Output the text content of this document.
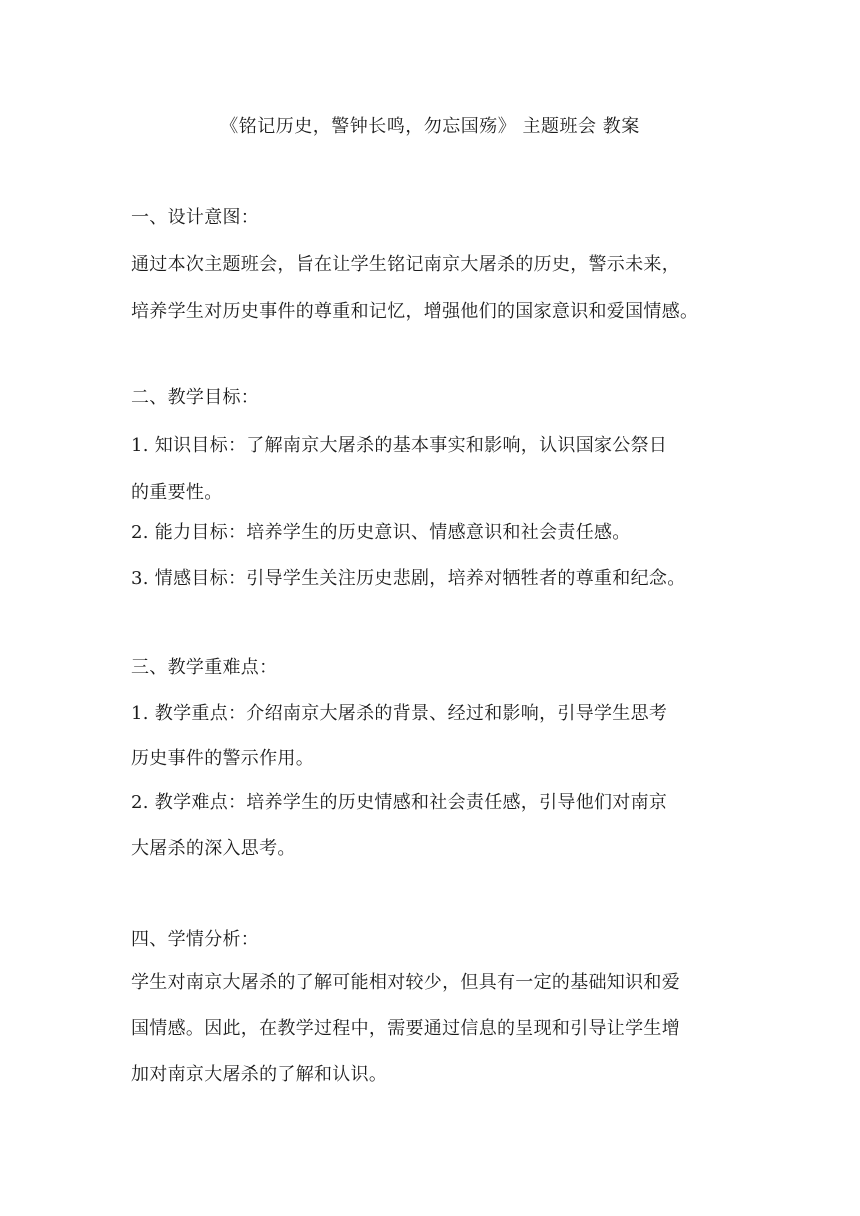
《铭记历史，警钟长鸣，勿忘国殇》 主题班会 教案
一、设计意图：
通过本次主题班会，旨在让学生铭记南京大屠杀的历史，警示未来，
培养学生对历史事件的尊重和记忆，增强他们的国家意识和爱国情感。
二、教学目标：
1. 知识目标：了解南京大屠杀的基本事实和影响，认识国家公祭日
的重要性。
2. 能力目标：培养学生的历史意识、情感意识和社会责任感。
3. 情感目标：引导学生关注历史悲剧，培养对牺牲者的尊重和纪念。
三、教学重难点：
1. 教学重点：介绍南京大屠杀的背景、经过和影响，引导学生思考
历史事件的警示作用。
2. 教学难点：培养学生的历史情感和社会责任感，引导他们对南京
大屠杀的深入思考。
四、学情分析：
学生对南京大屠杀的了解可能相对较少，但具有一定的基础知识和爱
国情感。因此，在教学过程中，需要通过信息的呈现和引导让学生增
加对南京大屠杀的了解和认识。
